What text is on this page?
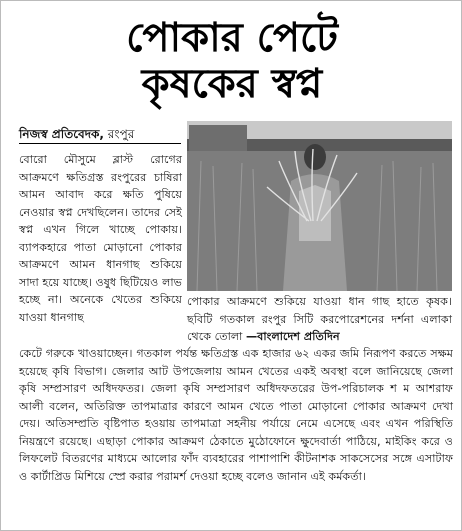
পোকার পেটে
কৃষকের স্বপ্ন
নিজস্ব প্রতিবেদক, রংপুর

বোরো মৌসুমে ব্লাস্ট রোগের আক্রমণে ক্ষতিগ্রস্ত রংপুরের চাষিরা আমন আবাদ করে ক্ষতি পুষিয়ে নেওয়ার স্বপ্ন দেখছিলেন। তাদের সেই স্বপ্ন এখন গিলে খাচ্ছে পোকায়। ব্যাপকহারে পাতা মোড়ানো পোকার আক্রমণে আমন ধানগাছ শুকিয়ে সাদা হয়ে যাচ্ছে। ওষুধ ছিটিয়েও লাভ হচ্ছে না। অনেকে খেতের শুকিয়ে যাওয়া ধানগাছ

পোকার আক্রমণে শুকিয়ে যাওয়া ধান গাছ হাতে কৃষক। ছবিটি গতকাল রংপুর সিটি করপোরেশনের দর্শনা এলাকা থেকে তোলা —বাংলাদেশ প্রতিদিন

কেটে গরুকে খাওয়াচ্ছেন। গতকাল পর্যন্ত ক্ষতিগ্রস্ত এক হাজার ৬২ একর জমি নিরূপণ করতে সক্ষম হয়েছে কৃষি বিভাগ। জেলার আট উপজেলায় আমন খেতের একই অবস্থা বলে জানিয়েছে জেলা কৃষি সম্প্রসারণ অধিদফতর। জেলা কৃষি সম্প্রসারণ অধিদফতরের উপ-পরিচালক শ ম আশরাফ আলী বলেন, অতিরিক্ত তাপমাত্রার কারণে আমন খেতে পাতা মোড়ানো পোকার আক্রমণ দেখা দেয়। অতিসম্প্রতি বৃষ্টিপাত হওয়ায় তাপমাত্রা সহনীয় পর্যায়ে নেমে এসেছে এবং এখন পরিস্থিতি নিয়ন্ত্রণে রয়েছে। এছাড়া পোকার আক্রমণ ঠেকাতে মুঠোফোনে ক্ষুদেবার্তা পাঠিয়ে, মাইকিং করে ও লিফলেট বিতরণের মাধ্যমে আলোর ফাঁদ ব্যবহারের পাশাপাশি কীটনাশক সাকসেসের সঙ্গে এসাটাফ ও কার্টাপ্রিড মিশিয়ে স্প্রে করার পরামর্শ দেওয়া হচ্ছে বলেও জানান এই কর্মকর্তা।
